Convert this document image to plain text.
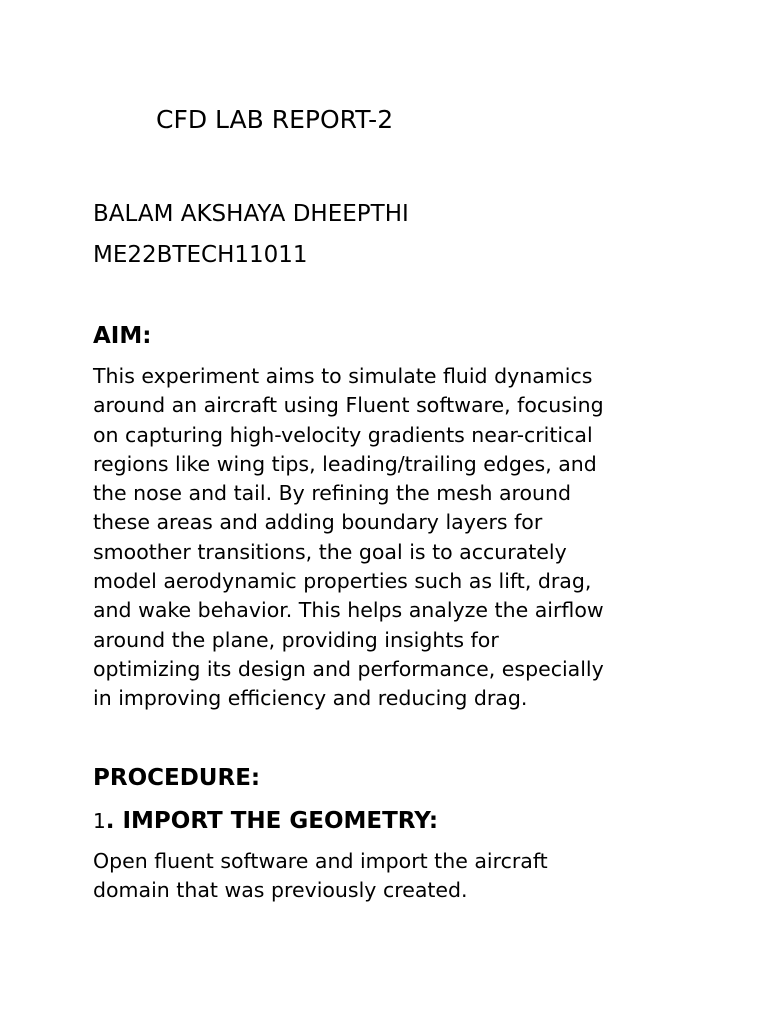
CFD LAB REPORT-2
BALAM AKSHAYA DHEEPTHI
ME22BTECH11011
AIM:
This experiment aims to simulate fluid dynamics
around an aircraft using Fluent software, focusing
on capturing high-velocity gradients near-critical
regions like wing tips, leading/trailing edges, and
the nose and tail. By refining the mesh around
these areas and adding boundary layers for
smoother transitions, the goal is to accurately
model aerodynamic properties such as lift, drag,
and wake behavior. This helps analyze the airflow
around the plane, providing insights for
optimizing its design and performance, especially
in improving efficiency and reducing drag.
PROCEDURE:
1. IMPORT THE GEOMETRY:
Open fluent software and import the aircraft
domain that was previously created.
